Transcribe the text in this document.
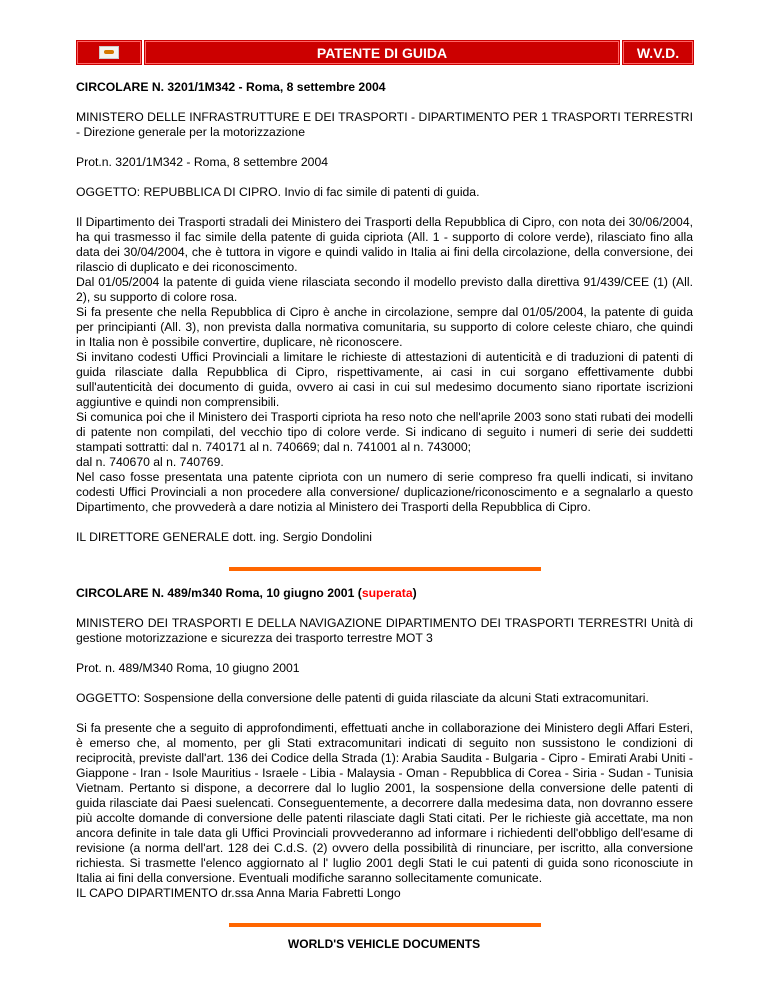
PATENTE DI GUIDA	W.V.D.

CIRCOLARE N. 3201/1M342 - Roma, 8 settembre 2004

MINISTERO DELLE INFRASTRUTTURE E DEI TRASPORTI - DIPARTIMENTO PER 1 TRASPORTI TERRESTRI - Direzione generale per la motorizzazione

Prot.n. 3201/1M342 - Roma, 8 settembre 2004

OGGETTO: REPUBBLICA DI CIPRO. Invio di fac simile di patenti di guida.

Il Dipartimento dei Trasporti stradali dei Ministero dei Trasporti della Repubblica di Cipro, con nota dei 30/06/2004, ha qui trasmesso il fac simile della patente di guida cipriota (All. 1 - supporto di colore verde), rilasciato fino alla data dei 30/04/2004, che è tuttora in vigore e quindi valido in Italia ai fini della circolazione, della conversione, dei rilascio di duplicato e dei riconoscimento.
Dal 01/05/2004 la patente di guida viene rilasciata secondo il modello previsto dalla direttiva 91/439/CEE (1) (All. 2), su supporto di colore rosa.
Si fa presente che nella Repubblica di Cipro è anche in circolazione, sempre dal 01/05/2004, la patente di guida per principianti (All. 3), non prevista dalla normativa comunitaria, su supporto di colore celeste chiaro, che quindi in Italia non è possibile convertire, duplicare, nè riconoscere.
Si invitano codesti Uffici Provinciali a limitare le richieste di attestazioni di autenticità e di traduzioni di patenti di guida rilasciate dalla Repubblica di Cipro, rispettivamente, ai casi in cui sorgano effettivamente dubbi sull'autenticità dei documento di guida, ovvero ai casi in cui sul medesimo documento siano riportate iscrizioni aggiuntive e quindi non comprensibili.
Si comunica poi che il Ministero dei Trasporti cipriota ha reso noto che nell'aprile 2003 sono stati rubati dei modelli di patente non compilati, del vecchio tipo di colore verde. Si indicano di seguito i numeri di serie dei suddetti stampati sottratti: dal n. 740171 al n. 740669; dal n. 741001 al n. 743000;
dal n. 740670 al n. 740769.
Nel caso fosse presentata una patente cipriota con un numero di serie compreso fra quelli indicati, si invitano codesti Uffici Provinciali a non procedere alla conversione/ duplicazione/riconoscimento e a segnalarlo a questo Dipartimento, che provvederà a dare notizia al Ministero dei Trasporti della Repubblica di Cipro.

IL DIRETTORE GENERALE dott. ing. Sergio Dondolini

CIRCOLARE N. 489/m340 Roma, 10 giugno 2001 (superata)

MINISTERO DEI TRASPORTI E DELLA NAVIGAZIONE DIPARTIMENTO DEI TRASPORTI TERRESTRI Unità di gestione motorizzazione e sicurezza dei trasporto terrestre MOT 3

Prot. n. 489/M340 Roma, 10 giugno 2001

OGGETTO: Sospensione della conversione delle patenti di guida rilasciate da alcuni Stati extracomunitari.

Si fa presente che a seguito di approfondimenti, effettuati anche in collaborazione dei Ministero degli Affari Esteri, è emerso che, al momento, per gli Stati extracomunitari indicati di seguito non sussistono le condizioni di reciprocità, previste dall'art. 136 dei Codice della Strada (1): Arabia Saudita - Bulgaria - Cipro - Emirati Arabi Uniti - Giappone - Iran - Isole Mauritius - Israele - Libia - Malaysia - Oman - Repubblica di Corea - Siria - Sudan - Tunisia Vietnam. Pertanto si dispone, a decorrere dal lo luglio 2001, la sospensione della conversione delle patenti di guida rilasciate dai Paesi suelencati. Conseguentemente, a decorrere dalla medesima data, non dovranno essere più accolte domande di conversione delle patenti rilasciate dagli Stati citati. Per le richieste già accettate, ma non ancora definite in tale data gli Uffici Provinciali provvederanno ad informare i richiedenti dell'obbligo dell'esame di revisione (a norma dell'art. 128 dei C.d.S. (2) ovvero della possibilità di rinunciare, per iscritto, alla conversione richiesta. Si trasmette l'elenco aggiornato al l' luglio 2001 degli Stati le cui patenti di guida sono riconosciute in Italia ai fini della conversione. Eventuali modifiche saranno sollecitamente comunicate.

IL CAPO DIPARTIMENTO dr.ssa Anna Maria Fabretti Longo

WORLD'S VEHICLE DOCUMENTS
